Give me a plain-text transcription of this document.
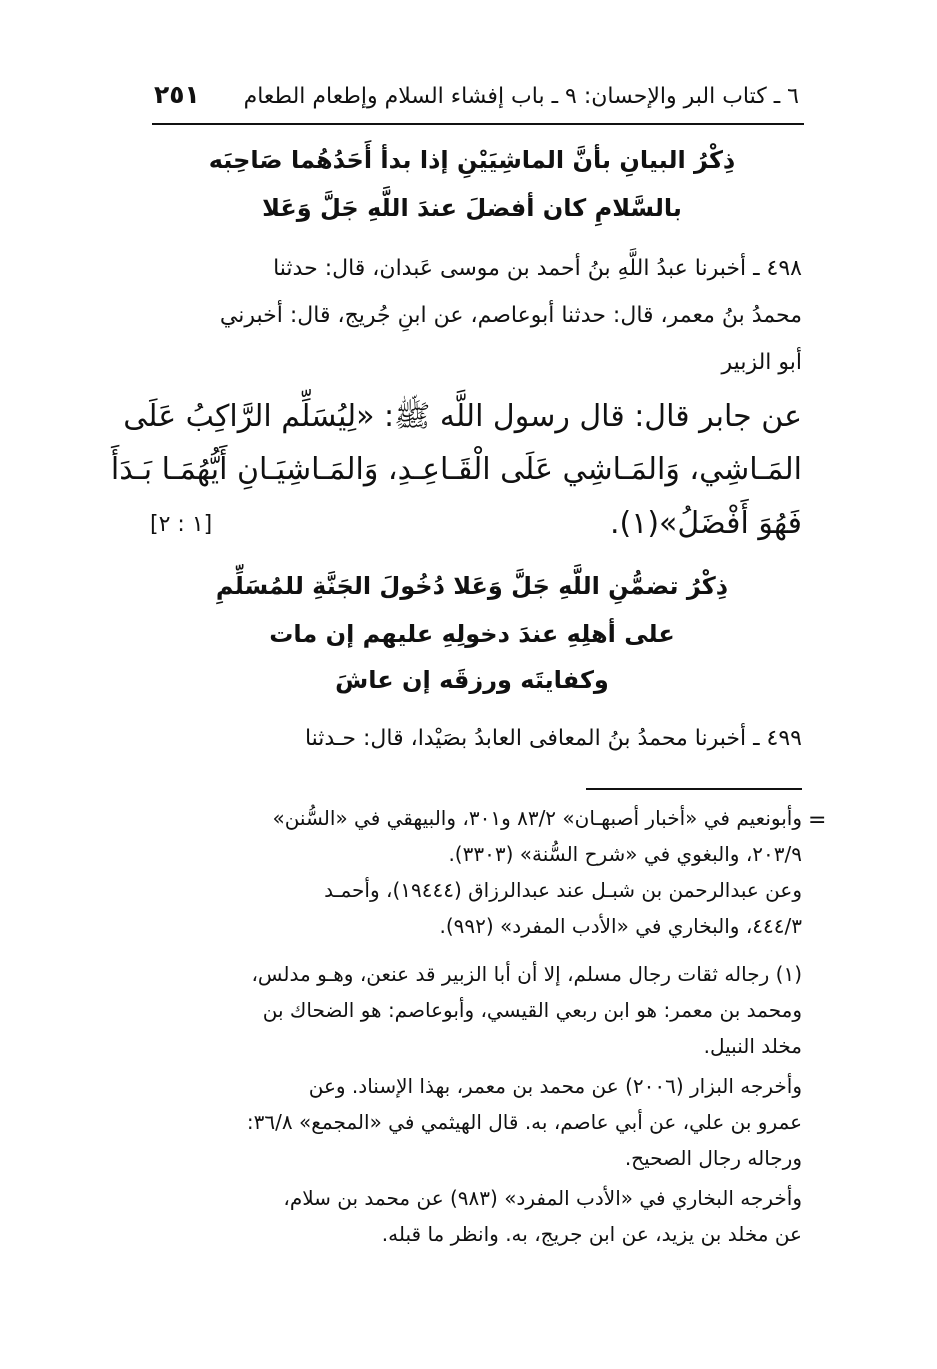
٦ ـ كتاب البر والإحسان: ٩ ـ باب إفشاء السلام وإطعام الطعام
٢٥١
ذِكْرُ البيانِ بأنَّ الماشِيَيْنِ إذا بدأ أَحَدُهُما صَاحِبَه
بالسَّلامِ كان أفضلَ عندَ اللَّهِ جَلَّ وَعَلا
٤٩٨ ـ أخبرنا عبدُ اللَّهِ بنُ أحمد بن موسى عَبدان، قال: حدثنا
محمدُ بنُ معمر، قال: حدثنا أبوعاصم، عن ابنِ جُريج، قال: أخبرني
أبو الزبير
عن جابر قال: قال رسول اللَّه ﷺ: «لِيُسَلِّم الرَّاكِبُ عَلَى
المَـاشِي، وَالمَـاشِي عَلَى الْقَـاعِـدِ، وَالمَـاشِيَـانِ أَيُّهُمَـا بَـدَأَ
فَهُوَ أَفْضَلُ»(١).
[١ : ٢]
ذِكْرُ تضمُّنِ اللَّهِ جَلَّ وَعَلا دُخُولَ الجَنَّةِ للمُسَلِّمِ
على أهلِهِ عندَ دخولِهِ عليهم إن مات
وكفايتَه ورزقَه إن عاشَ
٤٩٩ ـ أخبرنا محمدُ بنُ المعافى العابدُ بصَيْدا، قال: حـدثنا
=
وأبونعيم في «أخبار أصبهـان» ٨٣/٢ و٣٠١، والبيهقي في «السُّنن»
٢٠٣/٩، والبغوي في «شرح السُّنة» (٣٣٠٣).
وعن عبدالرحمن بن شبـل عند عبدالرزاق (١٩٤٤٤)، وأحمـد
٤٤٤/٣، والبخاري في «الأدب المفرد» (٩٩٢).
(١) رجاله ثقات رجال مسلم، إلا أن أبا الزبير قد عنعن، وهـو مدلس،
ومحمد بن معمر: هو ابن ربعي القيسي، وأبوعاصم: هو الضحاك بن
مخلد النبيل.
وأخرجه البزار (٢٠٠٦) عن محمد بن معمر، بهذا الإسناد. وعن
عمرو بن علي، عن أبي عاصم، به. قال الهيثمي في «المجمع» ٣٦/٨:
ورجاله رجال الصحيح.
وأخرجه البخاري في «الأدب المفرد» (٩٨٣) عن محمد بن سلام،
عن مخلد بن يزيد، عن ابن جريج، به. وانظر ما قبله.
